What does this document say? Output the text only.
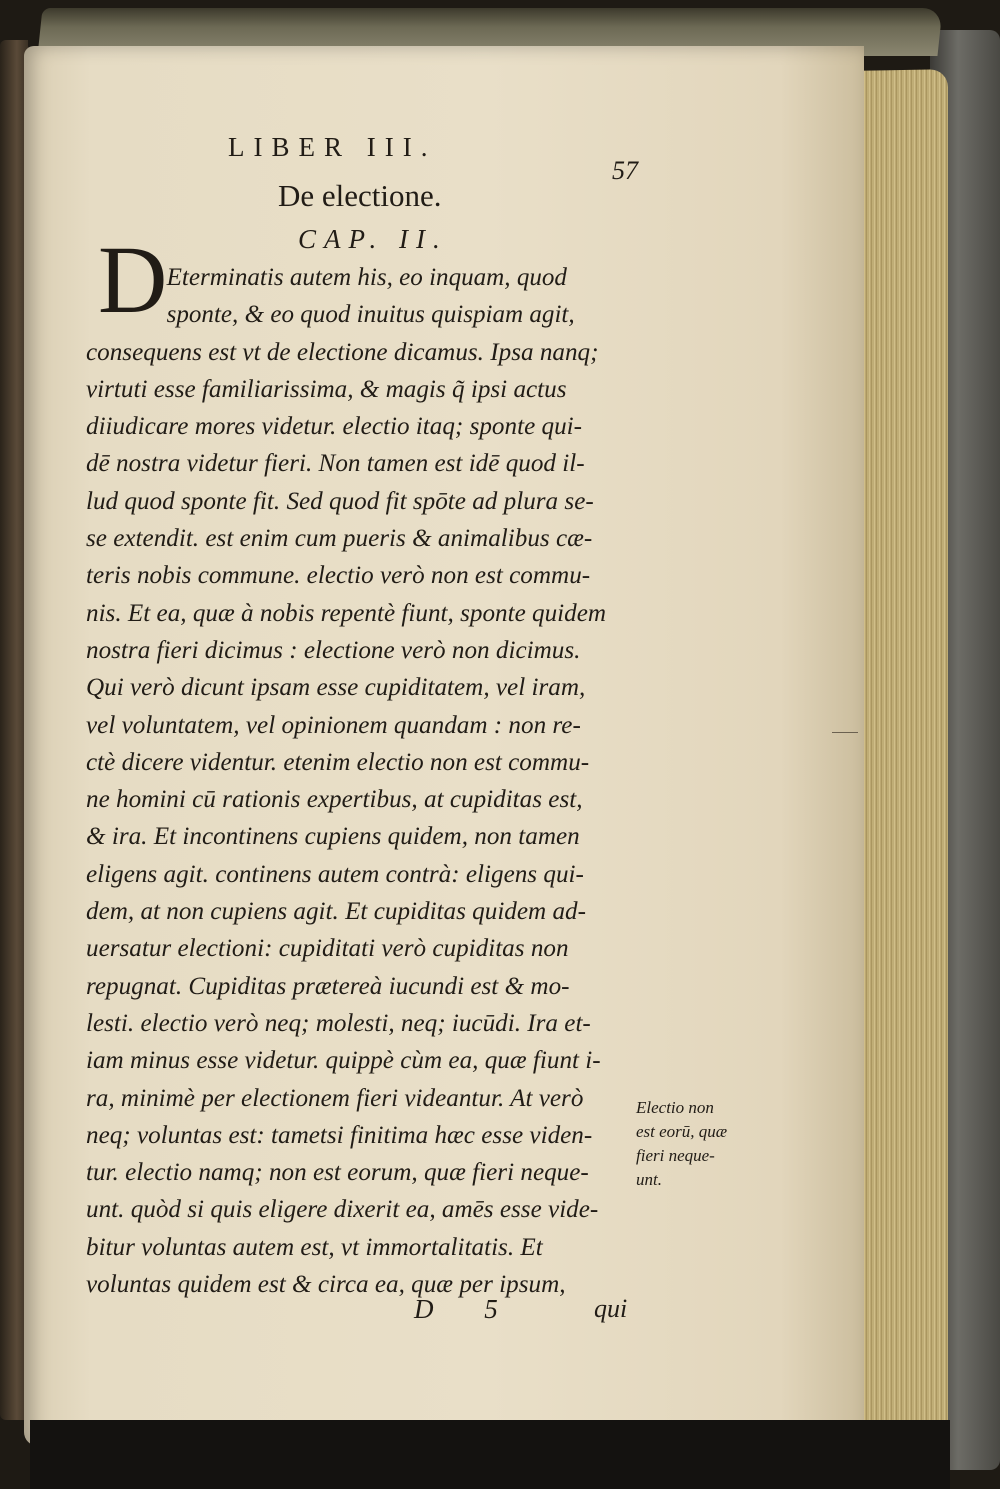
LIBER III.
57
De electione.
CAP. II.
D Eterminatis autem his, eo inquam, quod
sponte, & eo quod inuitus quispiam agit,
consequens est vt de electione dicamus. Ipsa nanq;
virtuti esse familiarissima, & magis q̃ ipsi actus
diiudicare mores videtur. electio itaq; sponte qui-
dē nostra videtur fieri. Non tamen est idē quod il-
lud quod sponte fit. Sed quod fit spōte ad plura se-
se extendit. est enim cum pueris & animalibus cæ-
teris nobis commune. electio verò non est commu-
nis. Et ea, quæ à nobis repentè fiunt, sponte quidem
nostra fieri dicimus : electione verò non dicimus.
Qui verò dicunt ipsam esse cupiditatem, vel iram,
vel voluntatem, vel opinionem quandam : non re-
ctè dicere videntur. etenim electio non est commu-
ne homini cū rationis expertibus, at cupiditas est,
& ira. Et incontinens cupiens quidem, non tamen
eligens agit. continens autem contrà: eligens qui-
dem, at non cupiens agit. Et cupiditas quidem ad-
uersatur electioni: cupiditati verò cupiditas non
repugnat. Cupiditas prætereà iucundi est & mo-
lesti. electio verò neq; molesti, neq; iucūdi. Ira et-
iam minus esse videtur. quippè cùm ea, quæ fiunt i-
ra, minimè per electionem fieri videantur. At verò
neq; voluntas est: tametsi finitima hæc esse viden-
tur. electio namq; non est eorum, quæ fieri neque-
unt. quòd si quis eligere dixerit ea, amēs esse vide-
bitur voluntas autem est, vt immortalitatis. Et
voluntas quidem est & circa ea, quæ per ipsum,
Electio non
est eorū, quæ
fieri neque-
unt.
D 5	qui
